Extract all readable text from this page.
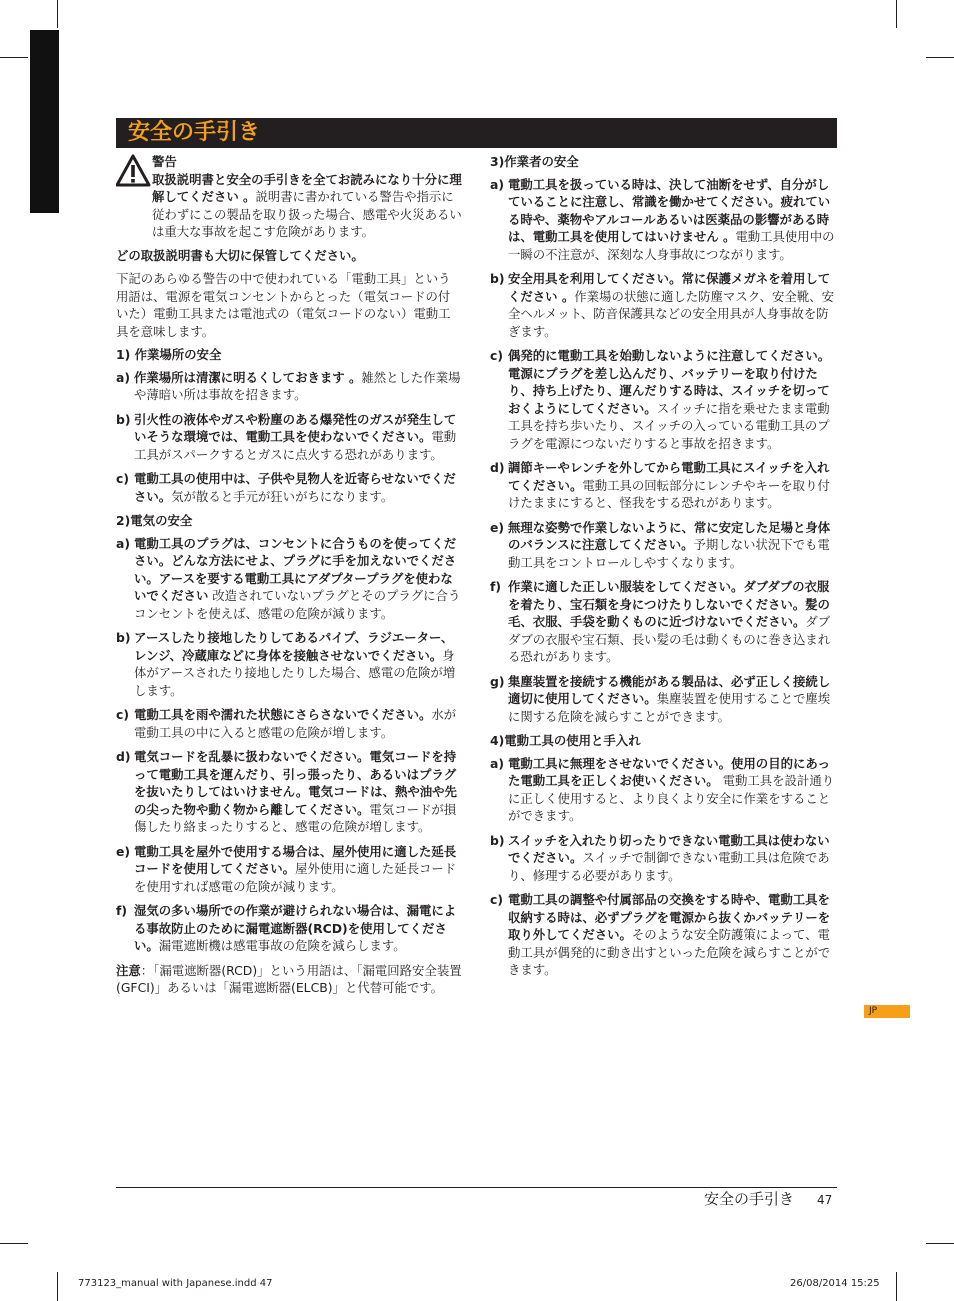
安全の手引き
警告
取扱説明書と安全の手引きを全てお読みになり十分に理解してください 。説明書に書かれている警告や指示に従わずにこの製品を取り扱った場合、感電や火災あるいは重大な事故を起こす危険があります。

どの取扱説明書も大切に保管してください。

下記のあらゆる警告の中で使われている「電動工具」という用語は、電源を電気コンセントからとった（電気コードの付いた）電動工具または電池式の（電気コードのない）電動工具を意味します。

1) 作業場所の安全
a) 作業場所は清潔に明るくしておきます 。雑然とした作業場や薄暗い所は事故を招きます。
b) 引火性の液体やガスや粉塵のある爆発性のガスが発生していそうな環境では、電動工具を使わないでください。電動工具がスパークするとガスに点火する恐れがあります。
c) 電動工具の使用中は、子供や見物人を近寄らせないでください。気が散ると手元が狂いがちになります。
2)電気の安全
a) 電動工具のプラグは、コンセントに合うものを使ってください。どんな方法にせよ、プラグに手を加えないでください。アースを要する電動工具にアダプタープラグを使わないでください 改造されていないプラグとそのプラグに合うコンセントを使えば、感電の危険が減ります。
b) アースしたり接地したりしてあるパイプ、ラジエーター、レンジ、冷蔵庫などに身体を接触させないでください。身体がアースされたり接地したりした場合、感電の危険が増します。
c) 電動工具を雨や濡れた状態にさらさないでください。水が電動工具の中に入ると感電の危険が増します。
d) 電気コードを乱暴に扱わないでください。電気コードを持って電動工具を運んだり、引っ張ったり、あるいはプラグを抜いたりしてはいけません。電気コードは、熱や油や先の尖った物や動く物から離してください。電気コードが損傷したり絡まったりすると、感電の危険が増します。
e) 電動工具を屋外で使用する場合は、屋外使用に適した延長コードを使用してください。屋外使用に適した延長コードを使用すれば感電の危険が減ります。
f) 湿気の多い場所での作業が避けられない場合は、漏電による事故防止のために漏電遮断器(RCD)を使用してください。漏電遮断機は感電事故の危険を減らします。

注意：「漏電遮断器(RCD)」という用語は、「漏電回路安全装置(GFCI)」あるいは「漏電遮断器(ELCB)」と代替可能です。

3)作業者の安全
a) 電動工具を扱っている時は、決して油断をせず、自分がしていることに注意し、常識を働かせてください。疲れている時や、薬物やアルコールあるいは医薬品の影響がある時は、電動工具を使用してはいけません 。電動工具使用中の一瞬の不注意が、深刻な人身事故につながります。
b) 安全用具を利用してください。常に保護メガネを着用してください 。作業場の状態に適した防塵マスク、安全靴、安全ヘルメット、防音保護具などの安全用具が人身事故を防ぎます。
c) 偶発的に電動工具を始動しないように注意してください。電源にプラグを差し込んだり、バッテリーを取り付けたり、持ち上げたり、運んだりする時は、スイッチを切っておくようにしてください。スイッチに指を乗せたまま電動工具を持ち歩いたり、スイッチの入っている電動工具のプラグを電源につないだりすると事故を招きます。
d) 調節キーやレンチを外してから電動工具にスイッチを入れてください。電動工具の回転部分にレンチやキーを取り付けたままにすると、怪我をする恐れがあります。
e) 無理な姿勢で作業しないように、常に安定した足場と身体のバランスに注意してください。予期しない状況下でも電動工具をコントロールしやすくなります。
f) 作業に適した正しい服装をしてください。ダブダブの衣服を着たり、宝石類を身につけたりしないでください。髪の毛、衣服、手袋を動くものに近づけないでください。ダブダブの衣服や宝石類、長い髪の毛は動くものに巻き込まれる恐れがあります。
g) 集塵装置を接続する機能がある製品は、必ず正しく接続し適切に使用してください。集塵装置を使用することで塵埃に関する危険を減らすことができます。
4)電動工具の使用と手入れ
a) 電動工具に無理をさせないでください。使用の目的にあった電動工具を正しくお使いください。 電動工具を設計通りに正しく使用すると、より良くより安全に作業をすることができます。
b) スイッチを入れたり切ったりできない電動工具は使わないでください。スイッチで制御できない電動工具は危険であり、修理する必要があります。
c) 電動工具の調整や付属部品の交換をする時や、電動工具を収納する時は、必ずプラグを電源から抜くかバッテリーを取り外してください。そのような安全防護策によって、電動工具が偶発的に動き出すといった危険を減らすことができます。
JP
安全の手引き 47
773123_manual with Japanese.indd 47	26/08/2014 15:25
